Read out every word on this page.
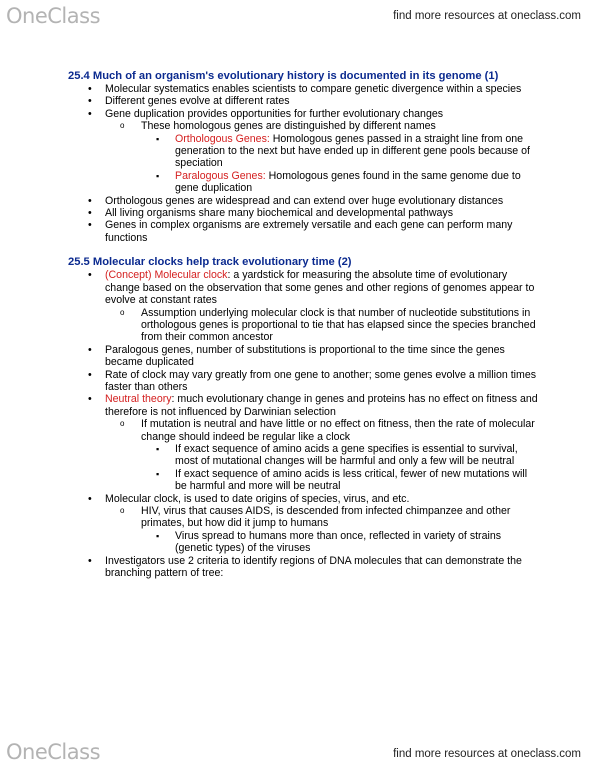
OneClass	find more resources at oneclass.com
25.4 Much of an organism's evolutionary history is documented in its genome (1)
• Molecular systematics enables scientists to compare genetic divergence within a species
• Different genes evolve at different rates
• Gene duplication provides opportunities for further evolutionary changes
o These homologous genes are distinguished by different names
▪ Orthologous Genes: Homologous genes passed in a straight line from one generation to the next but have ended up in different gene pools because of speciation
▪ Paralogous Genes: Homologous genes found in the same genome due to gene duplication
• Orthologous genes are widespread and can extend over huge evolutionary distances
• All living organisms share many biochemical and developmental pathways
• Genes in complex organisms are extremely versatile and each gene can perform many functions
25.5 Molecular clocks help track evolutionary time (2)
• (Concept) Molecular clock: a yardstick for measuring the absolute time of evolutionary change based on the observation that some genes and other regions of genomes appear to evolve at constant rates
o Assumption underlying molecular clock is that number of nucleotide substitutions in orthologous genes is proportional to tie that has elapsed since the species branched from their common ancestor
• Paralogous genes, number of substitutions is proportional to the time since the genes became duplicated
• Rate of clock may vary greatly from one gene to another; some genes evolve a million times faster than others
• Neutral theory: much evolutionary change in genes and proteins has no effect on fitness and therefore is not influenced by Darwinian selection
o If mutation is neutral and have little or no effect on fitness, then the rate of molecular change should indeed be regular like a clock
▪ If exact sequence of amino acids a gene specifies is essential to survival, most of mutational changes will be harmful and only a few will be neutral
▪ If exact sequence of amino acids is less critical, fewer of new mutations will be harmful and more will be neutral
• Molecular clock, is used to date origins of species, virus, and etc.
o HIV, virus that causes AIDS, is descended from infected chimpanzee and other primates, but how did it jump to humans
▪ Virus spread to humans more than once, reflected in variety of strains (genetic types) of the viruses
• Investigators use 2 criteria to identify regions of DNA molecules that can demonstrate the branching pattern of tree:
OneClass	find more resources at oneclass.com
